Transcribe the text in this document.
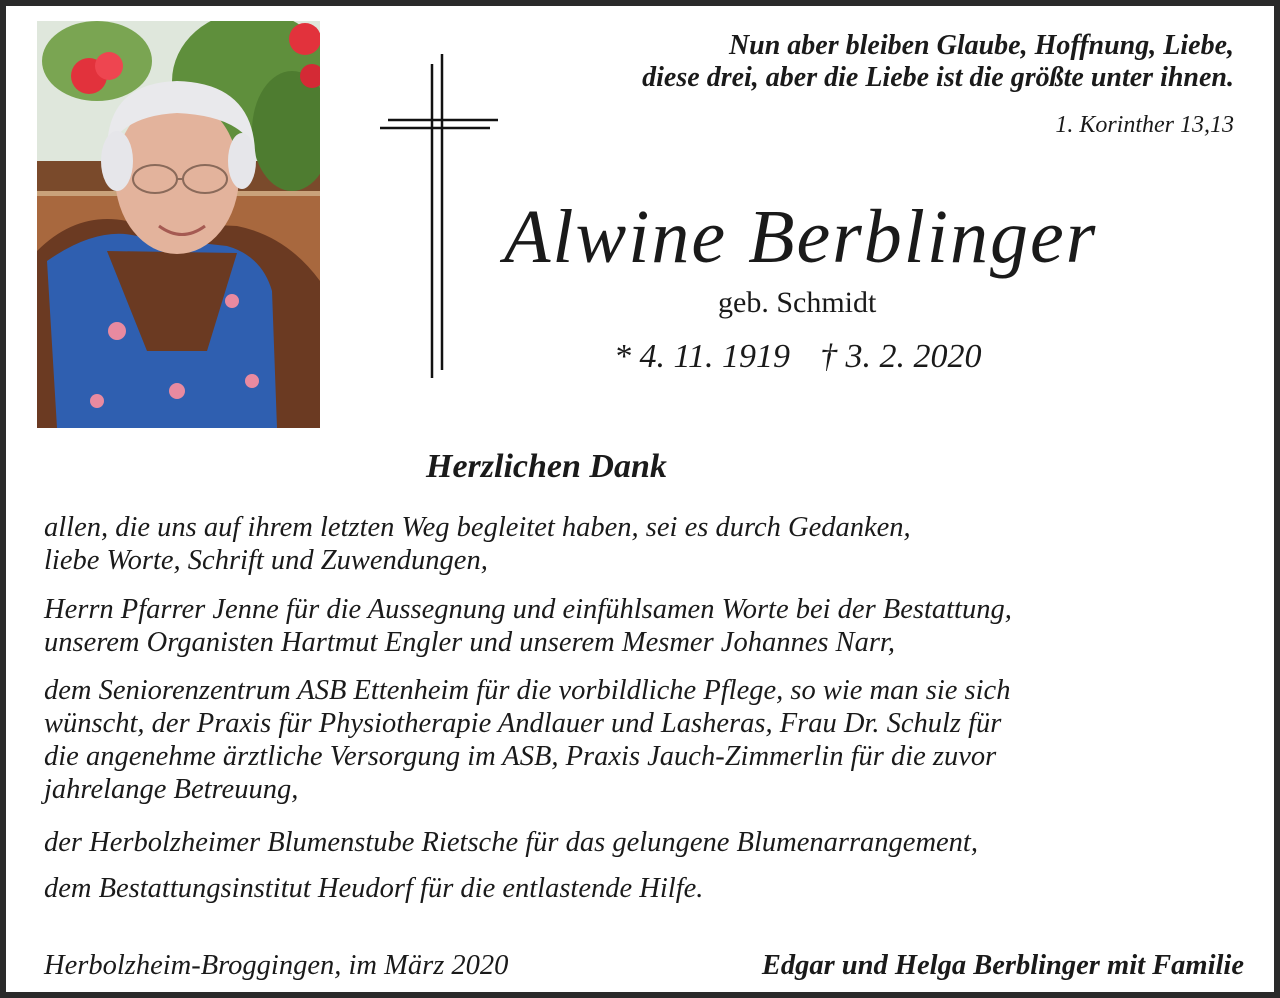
Nun aber bleiben Glaube, Hoffnung, Liebe,
diese drei, aber die Liebe ist die größte unter ihnen.
1. Korinther 13,13
Alwine Berblinger
geb. Schmidt
* 4. 11. 1919 † 3. 2. 2020
Herzlichen Dank
allen, die uns auf ihrem letzten Weg begleitet haben, sei es durch Gedanken,
liebe Worte, Schrift und Zuwendungen,
Herrn Pfarrer Jenne für die Aussegnung und einfühlsamen Worte bei der Bestattung,
unserem Organisten Hartmut Engler und unserem Mesmer Johannes Narr,
dem Seniorenzentrum ASB Ettenheim für die vorbildliche Pflege, so wie man sie sich
wünscht, der Praxis für Physiotherapie Andlauer und Lasheras, Frau Dr. Schulz für
die angenehme ärztliche Versorgung im ASB, Praxis Jauch-Zimmerlin für die zuvor
jahrelange Betreuung,
der Herbolzheimer Blumenstube Rietsche für das gelungene Blumenarrangement,
dem Bestattungsinstitut Heudorf für die entlastende Hilfe.
Herbolzheim-Broggingen, im März 2020	Edgar und Helga Berblinger mit Familie
